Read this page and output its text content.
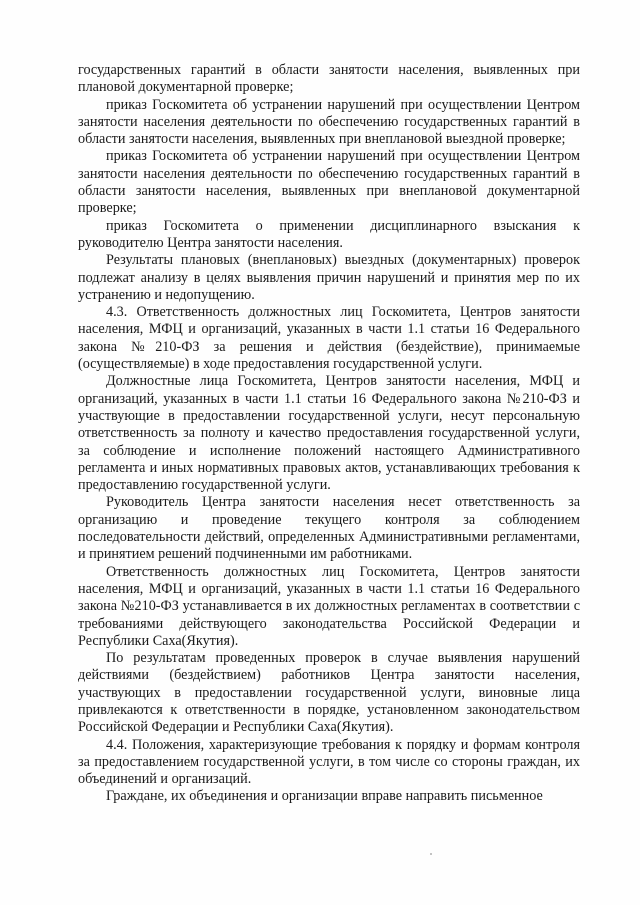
государственных гарантий в области занятости населения, выявленных при плановой документарной проверке;

приказ Госкомитета об устранении нарушений при осуществлении Центром занятости населения деятельности по обеспечению государственных гарантий в области занятости населения, выявленных при внеплановой выездной проверке;

приказ Госкомитета об устранении нарушений при осуществлении Центром занятости населения деятельности по обеспечению государственных гарантий в области занятости населения, выявленных при внеплановой документарной проверке;

приказ Госкомитета о применении дисциплинарного взыскания к руководителю Центра занятости населения.

Результаты плановых (внеплановых) выездных (документарных) проверок подлежат анализу в целях выявления причин нарушений и принятия мер по их устранению и недопущению.

4.3. Ответственность должностных лиц Госкомитета, Центров занятости населения, МФЦ и организаций, указанных в части 1.1 статьи 16 Федерального закона №210-ФЗ за решения и действия (бездействие), принимаемые (осуществляемые) в ходе предоставления государственной услуги.

Должностные лица Госкомитета, Центров занятости населения, МФЦ и организаций, указанных в части 1.1 статьи 16 Федерального закона №210-ФЗ и участвующие в предоставлении государственной услуги, несут персональную ответственность за полноту и качество предоставления государственной услуги, за соблюдение и исполнение положений настоящего Административного регламента и иных нормативных правовых актов, устанавливающих требования к предоставлению государственной услуги.

Руководитель Центра занятости населения несет ответственность за организацию и проведение текущего контроля за соблюдением последовательности действий, определенных Административными регламентами, и принятием решений подчиненными им работниками.

Ответственность должностных лиц Госкомитета, Центров занятости населения, МФЦ и организаций, указанных в части 1.1 статьи 16 Федерального закона №210-ФЗ устанавливается в их должностных регламентах в соответствии с требованиями действующего законодательства Российской Федерации и Республики Саха(Якутия).

По результатам проведенных проверок в случае выявления нарушений действиями (бездействием) работников Центра занятости населения, участвующих в предоставлении государственной услуги, виновные лица привлекаются к ответственности в порядке, установленном законодательством Российской Федерации и Республики Саха(Якутия).

4.4. Положения, характеризующие требования к порядку и формам контроля за предоставлением государственной услуги, в том числе со стороны граждан, их объединений и организаций.

Граждане, их объединения и организации вправе направить письменное
